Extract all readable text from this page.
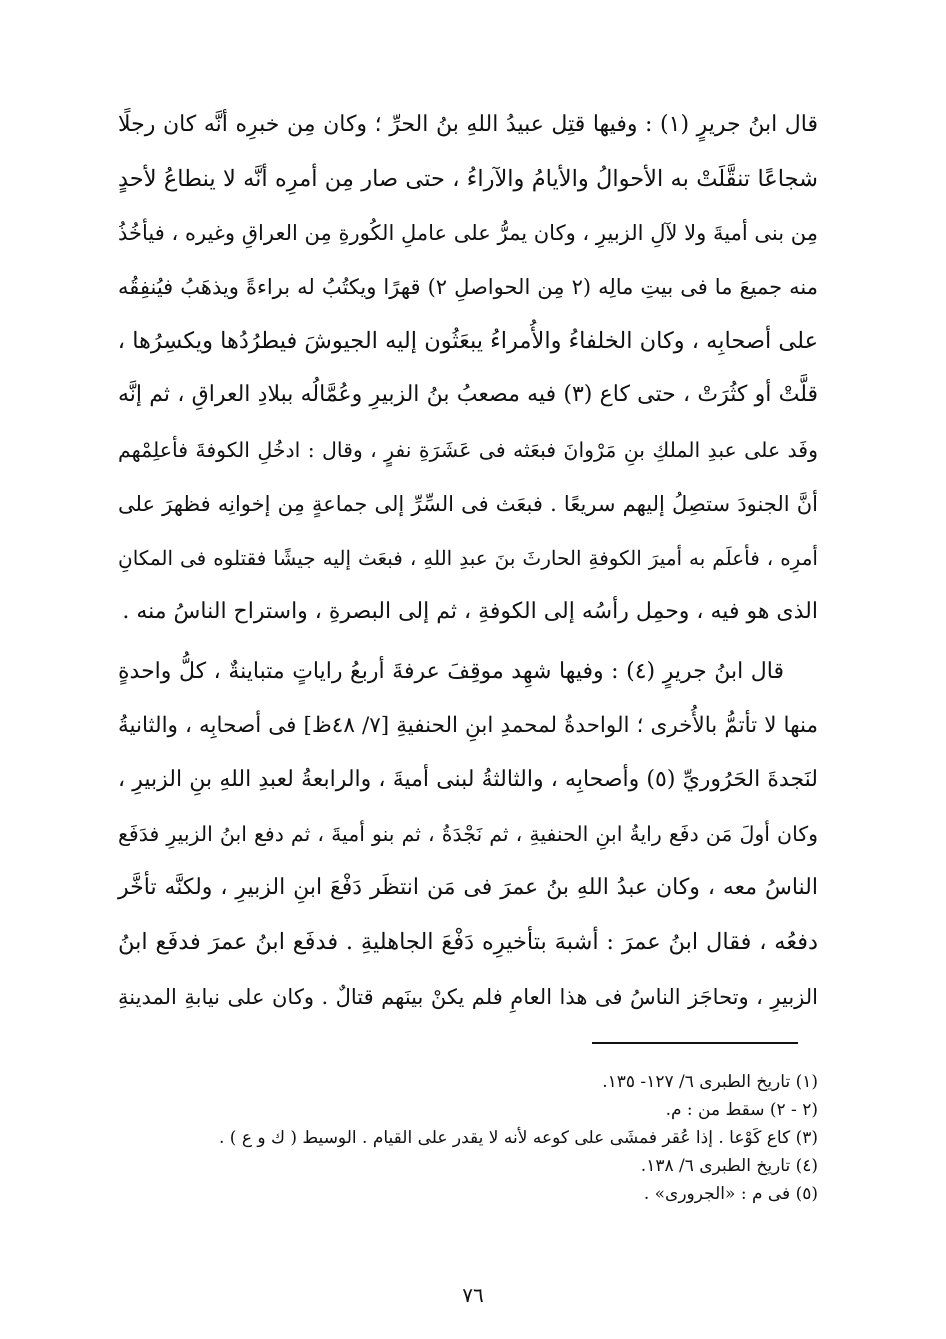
قال ابنُ جريرٍ (١) : وفيها قتِل عبيدُ اللهِ بنُ الحرِّ ؛ وكان مِن خبرِه أنَّه كان رجلًا
شجاعًا تنقَّلَتْ به الأحوالُ والأيامُ والآراءُ ، حتى صار مِن أمرِه أنَّه لا ينطاعُ لأحدٍ
مِن بنى أميةَ ولا لآلِ الزبيرِ ، وكان يمرُّ على عاملِ الكُورةِ مِن العراقِ وغيره ، فيأخُذُ
منه جميعَ ما فى بيتِ مالِه (٢ مِن الحواصلِ ٢) قهرًا ويكتُبُ له براءةً ويذهَبُ فيُنفِقُه
على أصحابِه ، وكان الخلفاءُ والأُمراءُ يبعَثُون إليه الجيوشَ فيطرُدُها ويكسِرُها ،
قلَّتْ أو كثُرَتْ ، حتى كاع (٣) فيه مصعبُ بنُ الزبيرِ وعُمَّالُه ببلادِ العراقِ ، ثم إنَّه
وفَد على عبدِ الملكِ بنِ مَرْوانَ فبعَثه فى عَشَرَةِ نفرٍ ، وقال : ادخُلِ الكوفةَ فأعلِمْهم
أنَّ الجنودَ ستصِلُ إليهم سريعًا . فبعَث فى السِّرِّ إلى جماعةٍ مِن إخوانِه فظهرَ على
أمرِه ، فأعلَم به أميرَ الكوفةِ الحارثَ بنَ عبدِ اللهِ ، فبعَث إليه جيشًا فقتلوه فى المكانِ
الذى هو فيه ، وحمِل رأسُه إلى الكوفةِ ، ثم إلى البصرةِ ، واستراح الناسُ منه .

قال ابنُ جريرٍ (٤) : وفيها شهِد موقِفَ عرفةَ أربعُ راياتٍ متباينةٌ ، كلُّ واحدةٍ
منها لا تأتمُّ بالأُخرى ؛ الواحدةُ لمحمدِ ابنِ الحنفيةِ [٧/ ٤٨ظ] فى أصحابِه ، والثانيةُ
لنَجدةَ الحَرُوريِّ (٥) وأصحابِه ، والثالثةُ لبنى أميةَ ، والرابعةُ لعبدِ اللهِ بنِ الزبيرِ ،
وكان أولَ مَن دفَع رايةُ ابنِ الحنفيةِ ، ثم نَجْدَةُ ، ثم بنو أميةَ ، ثم دفع ابنُ الزبيرِ فدَفَع
الناسُ معه ، وكان عبدُ اللهِ بنُ عمرَ فى مَن انتظَر دَفْعَ ابنِ الزبيرِ ، ولكنَّه تأخَّر
دفعُه ، فقال ابنُ عمرَ : أشبهَ بتأخيرِه دَفْعَ الجاهليةِ . فدفَع ابنُ عمرَ فدفَع ابنُ
الزبيرِ ، وتحاجَز الناسُ فى هذا العامِ فلم يكنْ بينَهم قتالٌ . وكان على نيابةِ المدينةِ

(١) تاريخ الطبرى ٦/ ١٢٧- ١٣٥.
(٢ - ٢) سقط من : م.
(٣) كاع كَوْعا . إذا عُقر فمشَى على كوعه لأنه لا يقدر على القيام . الوسيط ( ك و ع ) .
(٤) تاريخ الطبرى ٦/ ١٣٨.
(٥) فى م : «الجرورى» .
٧٦
